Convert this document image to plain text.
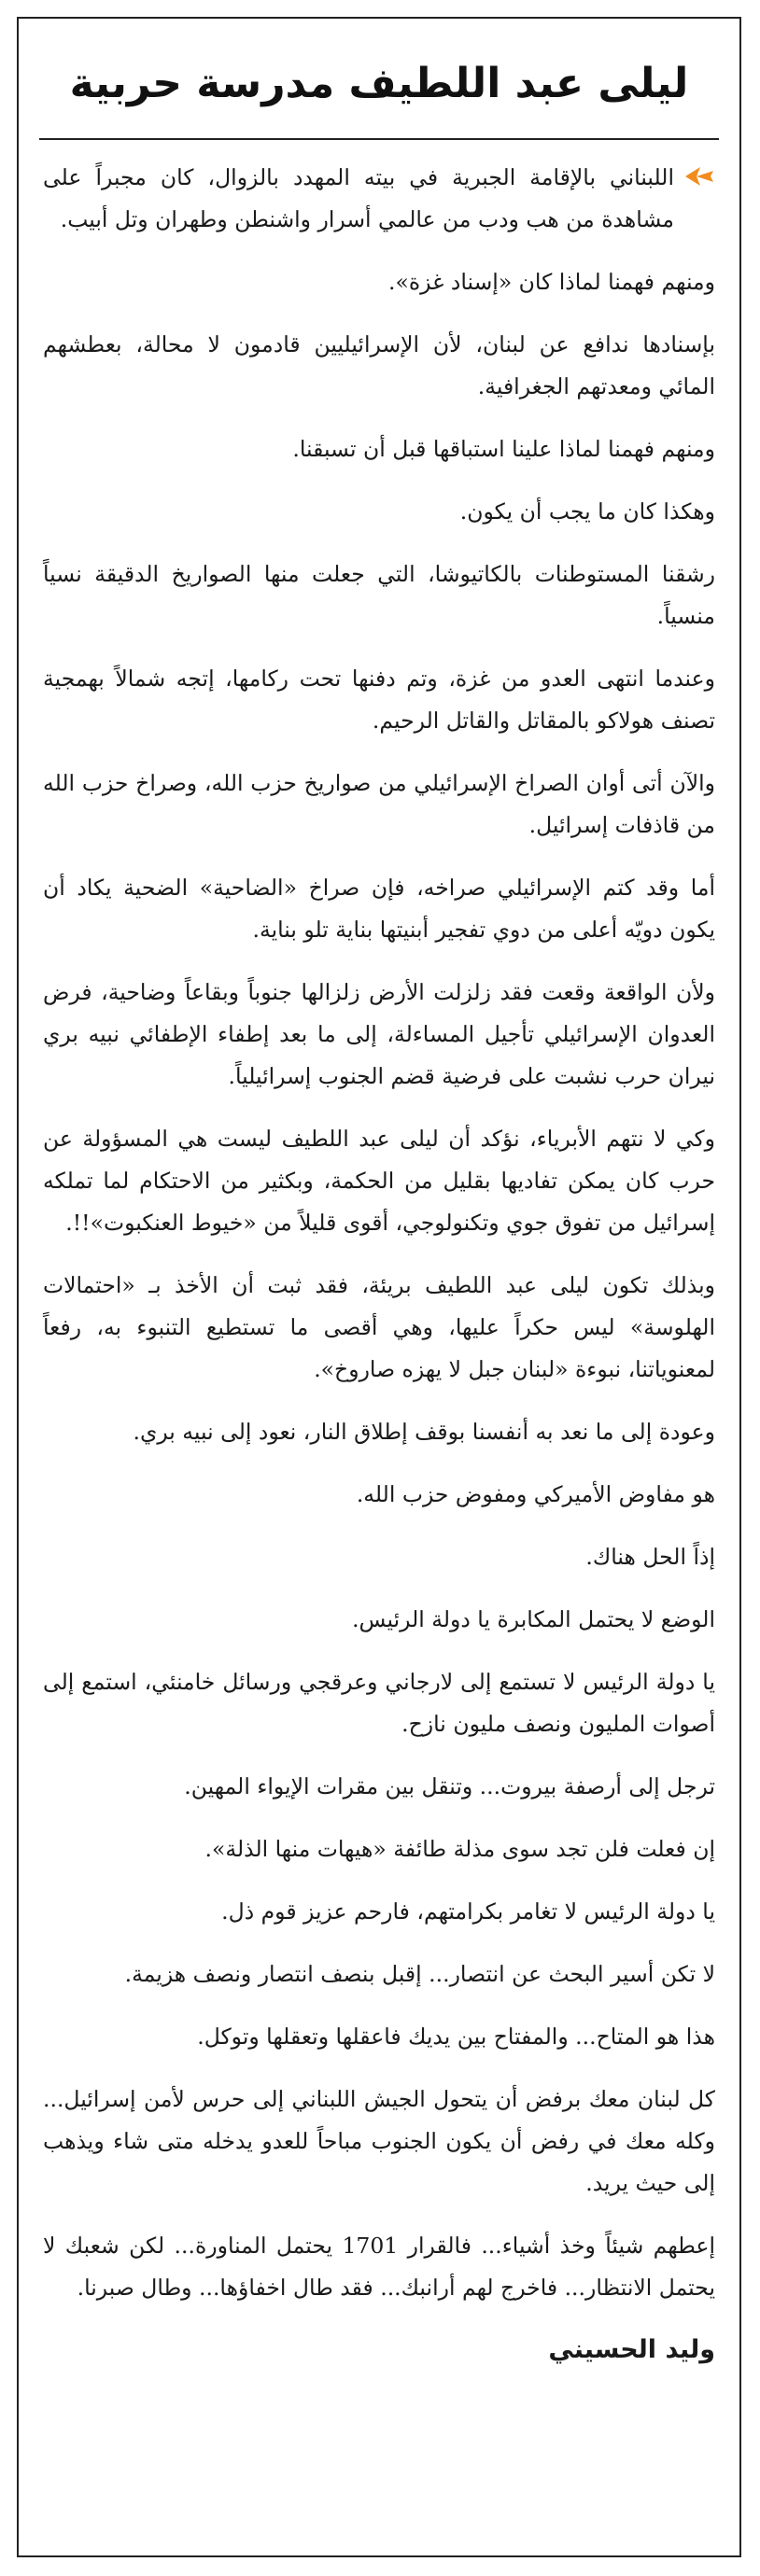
ليلى عبد اللطيف مدرسة حربية

اللبناني بالإقامة الجبرية في بيته المهدد بالزوال، كان مجبراً على مشاهدة من هب ودب من عالمي أسرار واشنطن وطهران وتل أبيب.

ومنهم فهمنا لماذا كان «إسناد غزة».

بإسنادها ندافع عن لبنان، لأن الإسرائيليين قادمون لا محالة، بعطشهم المائي ومعدتهم الجغرافية.

ومنهم فهمنا لماذا علينا استباقها قبل أن تسبقنا.

وهكذا كان ما يجب أن يكون.

رشقنا المستوطنات بالكاتيوشا، التي جعلت منها الصواريخ الدقيقة نسياً منسياً.

وعندما انتهى العدو من غزة، وتم دفنها تحت ركامها، إتجه شمالاً بهمجية تصنف هولاكو بالمقاتل والقاتل الرحيم.

والآن أتى أوان الصراخ الإسرائيلي من صواريخ حزب الله، وصراخ حزب الله من قاذفات إسرائيل.

أما وقد كتم الإسرائيلي صراخه، فإن صراخ «الضاحية» الضحية يكاد أن يكون دويّه أعلى من دوي تفجير أبنيتها بناية تلو بناية.

ولأن الواقعة وقعت فقد زلزلت الأرض زلزالها جنوباً وبقاعاً وضاحية، فرض العدوان الإسرائيلي تأجيل المساءلة، إلى ما بعد إطفاء الإطفائي نبيه بري نيران حرب نشبت على فرضية قضم الجنوب إسرائيلياً.

وكي لا نتهم الأبرياء، نؤكد أن ليلى عبد اللطيف ليست هي المسؤولة عن حرب كان يمكن تفاديها بقليل من الحكمة، وبكثير من الاحتكام لما تملكه إسرائيل من تفوق جوي وتكنولوجي، أقوى قليلاً من «خيوط العنكبوت»!!.

وبذلك تكون ليلى عبد اللطيف بريئة، فقد ثبت أن الأخذ بـ «احتمالات الهلوسة» ليس حكراً عليها، وهي أقصى ما تستطيع التنبوء به، رفعاً لمعنوياتنا، نبوءة «لبنان جبل لا يهزه صاروخ».

وعودة إلى ما نعد به أنفسنا بوقف إطلاق النار، نعود إلى نبيه بري.

هو مفاوض الأميركي ومفوض حزب الله.

إذاً الحل هناك.

الوضع لا يحتمل المكابرة يا دولة الرئيس.

يا دولة الرئيس لا تستمع إلى لارجاني وعرقجي ورسائل خامنئي، استمع إلى أصوات المليون ونصف مليون نازح.

ترجل إلى أرصفة بيروت... وتنقل بين مقرات الإيواء المهين.

إن فعلت فلن تجد سوى مذلة طائفة «هيهات منها الذلة».

يا دولة الرئيس لا تغامر بكرامتهم، فارحم عزيز قوم ذل.

لا تكن أسير البحث عن انتصار... إقبل بنصف انتصار ونصف هزيمة.

هذا هو المتاح... والمفتاح بين يديك فاعقلها وتعقلها وتوكل.

كل لبنان معك برفض أن يتحول الجيش اللبناني إلى حرس لأمن إسرائيل... وكله معك في رفض أن يكون الجنوب مباحاً للعدو يدخله متى شاء ويذهب إلى حيث يريد.

إعطهم شيئاً وخذ أشياء... فالقرار 1701 يحتمل المناورة... لكن شعبك لا يحتمل الانتظار... فاخرج لهم أرانبك... فقد طال اخفاؤها... وطال صبرنا.

وليد الحسيني
